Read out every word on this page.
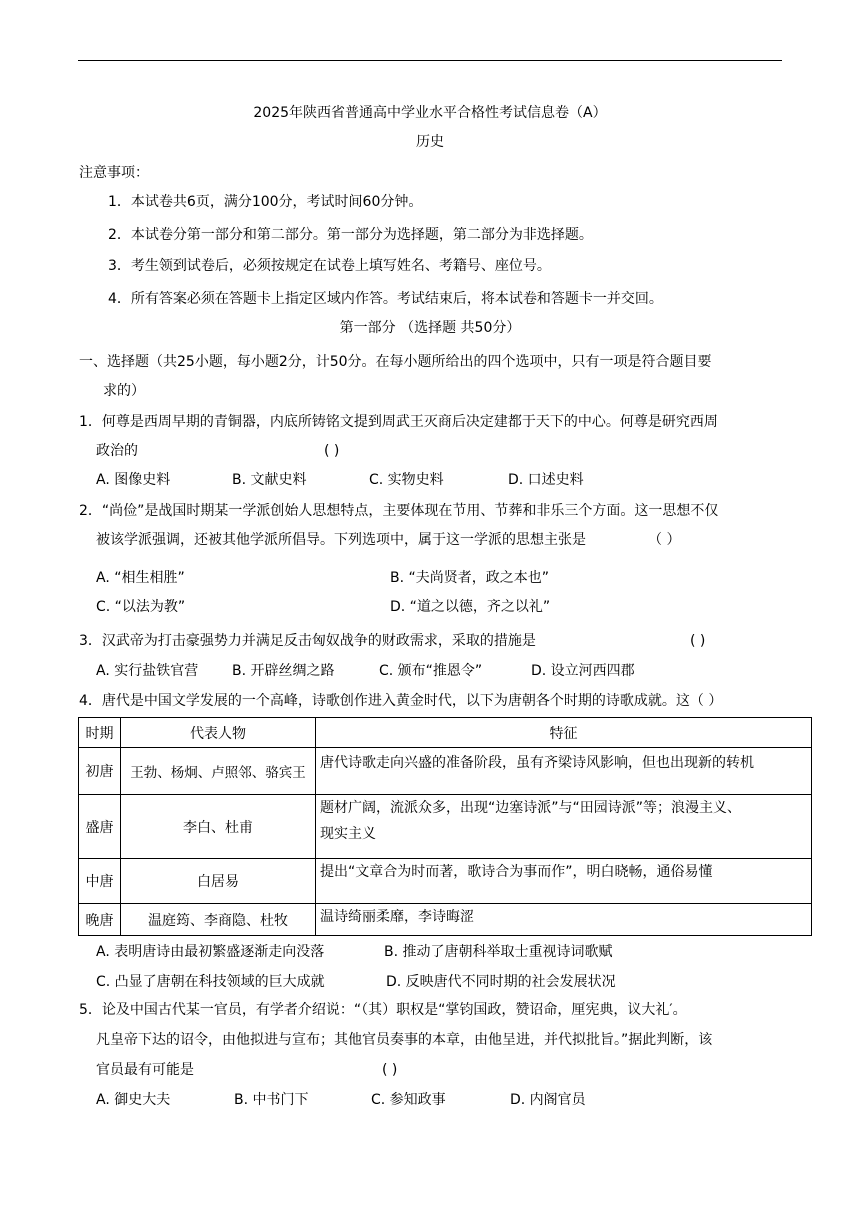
2025年陕西省普通高中学业水平合格性考试信息卷（A）
历史
注意事项：
1．本试卷共6页，满分100分，考试时间60分钟。
2．本试卷分第一部分和第二部分。第一部分为选择题，第二部分为非选择题。
3．考生领到试卷后，必须按规定在试卷上填写姓名、考籍号、座位号。
4．所有答案必须在答题卡上指定区域内作答。考试结束后，将本试卷和答题卡一并交回。
第一部分 （选择题 共50分）
一、选择题（共25小题，每小题2分，计50分。在每小题所给出的四个选项中，只有一项是符合题目要
求的）
1．何尊是西周早期的青铜器，内底所铸铭文提到周武王灭商后决定建都于天下的中心。何尊是研究西周
政治的	( )
A. 图像史料	B. 文献史料	C. 实物史料	D. 口述史料
2．“尚俭”是战国时期某一学派创始人思想特点，主要体现在节用、节葬和非乐三个方面。这一思想不仅
被该学派强调，还被其他学派所倡导。下列选项中，属于这一学派的思想主张是	（ ）
A. “相生相胜”	B. “夫尚贤者，政之本也”
C. “以法为教”	D. “道之以德，齐之以礼”
3．汉武帝为打击豪强势力并满足反击匈奴战争的财政需求，采取的措施是	( )
A. 实行盐铁官营 B. 开辟丝绸之路	C. 颁布“推恩令”	D. 设立河西四郡
4．唐代是中国文学发展的一个高峰，诗歌创作进入黄金时代，以下为唐朝各个时期的诗歌成就。这（ ）
时期	代表人物	特征
初唐	王勃、杨炯、卢照邻、骆宾王	唐代诗歌走向兴盛的准备阶段，虽有齐梁诗风影响，但也出现新的转机

盛唐	李白、杜甫	题材广阔，流派众多，出现“边塞诗派”与“田园诗派”等；浪漫主义、
现实主义

中唐	白居易	提出“文章合为时而著，歌诗合为事而作”，明白晓畅，通俗易懂

晚唐	温庭筠、李商隐、杜牧	温诗绮丽柔靡，李诗晦涩
A. 表明唐诗由最初繁盛逐渐走向没落	B. 推动了唐朝科举取士重视诗词歌赋
C. 凸显了唐朝在科技领域的巨大成就	D. 反映唐代不同时期的社会发展状况
5．论及中国古代某一官员，有学者介绍说：“（其）职权是“掌钧国政，赞诏命，厘宪典，议大礼′。
凡皇帝下达的诏令，由他拟进与宣布；其他官员奏事的本章，由他呈进，并代拟批旨。”据此判断，该
官员最有可能是	( )
A. 御史大夫	B. 中书门下	C. 参知政事	D. 内阁官员
